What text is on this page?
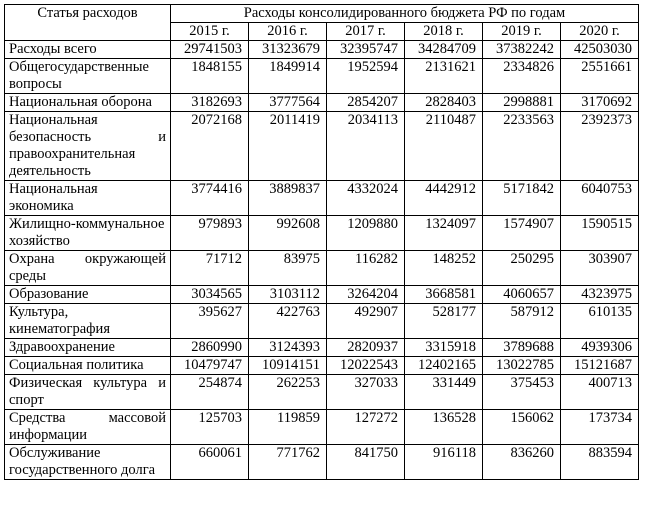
Статья расходов	Расходы консолидированного бюджета РФ по годам					
	2015 г.	2016 г.	2017 г.	2018 г.	2019 г.	2020 г.
Расходы всего	29741503	31323679	32395747	34284709	37382242	42503030
Общегосударственные вопросы	1848155	1849914	1952594	2131621	2334826	2551661
Национальная оборона	3182693	3777564	2854207	2828403	2998881	3170692
Национальная безопасность и правоохранительная деятельность	2072168	2011419	2034113	2110487	2233563	2392373
Национальная экономика	3774416	3889837	4332024	4442912	5171842	6040753
Жилищно-коммунальное хозяйство	979893	992608	1209880	1324097	1574907	1590515
Охрана окружающей среды	71712	83975	116282	148252	250295	303907
Образование	3034565	3103112	3264204	3668581	4060657	4323975
Культура, кинематография	395627	422763	492907	528177	587912	610135
Здравоохранение	2860990	3124393	2820937	3315918	3789688	4939306
Социальная политика	10479747	10914151	12022543	12402165	13022785	15121687
Физическая культура и спорт	254874	262253	327033	331449	375453	400713
Средства массовой информации	125703	119859	127272	136528	156062	173734
Обслуживание государственного долга	660061	771762	841750	916118	836260	883594
